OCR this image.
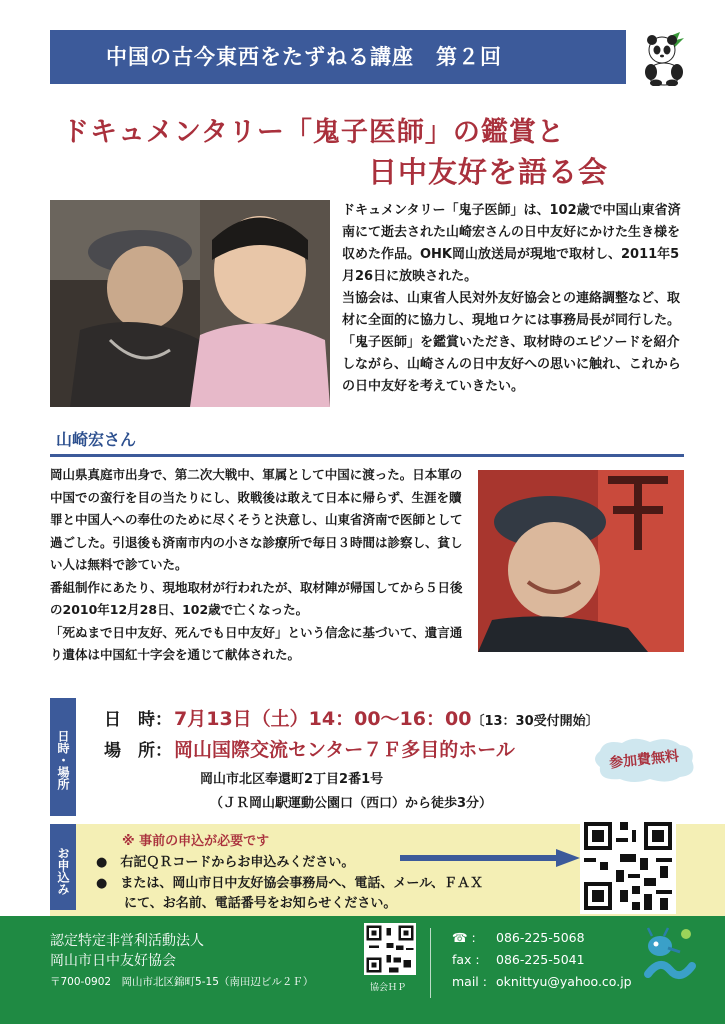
中国の古今東西をたずねる講座　第２回
ドキュメンタリー「鬼子医師」の鑑賞と
日中友好を語る会

ドキュメンタリー「鬼子医師」は、102歳で中国山東省済南にて逝去された山崎宏さんの日中友好にかけた生き様を収めた作品。OHK岡山放送局が現地で取材し、2011年5月26日に放映された。

当協会は、山東省人民対外友好協会との連絡調整など、取材に全面的に協力し、現地ロケには事務局長が同行した。

「鬼子医師」を鑑賞いただき、取材時のエピソードを紹介しながら、山崎さんの日中友好への思いに触れ、これからの日中友好を考えていきたい。

山崎宏さん

岡山県真庭市出身で、第二次大戦中、軍属として中国に渡った。日本軍の中国での蛮行を目の当たりにし、敗戦後は敢えて日本に帰らず、生涯を贖罪と中国人への奉仕のために尽くそうと決意し、山東省済南で医師として過ごした。引退後も済南市内の小さな診療所で毎日３時間は診察し、貧しい人は無料で診ていた。

番組制作にあたり、現地取材が行われたが、取材陣が帰国してから５日後の2010年12月28日、102歳で亡くなった。

「死ぬまで日中友好、死んでも日中友好」という信念に基づいて、遺言通り遺体は中国紅十字会を通じて献体された。

日時・場所
日　時： 7月13日（土）14：00〜16：00〔13：30受付開始〕
場　所： 岡山国際交流センター７Ｆ多目的ホール
岡山市北区奉還町2丁目2番1号
（ＪＲ岡山駅運動公園口（西口）から徒歩3分）
参加費無料
お申込み
※ 事前の申込が必要です
●　右記ＱＲコードからお申込みください。
●　または、岡山市日中友好協会事務局へ、電話、メール、ＦＡＸ
にて、お名前、電話番号をお知らせください。
認定特定非営利活動法人
岡山市日中友好協会
〒700-0902　岡山市北区錦町5-15（南田辺ビル２Ｆ）	協会ＨＰ
☎ : 086-225-5068
fax : 086-225-5041
mail : oknittyu@yahoo.co.jp
